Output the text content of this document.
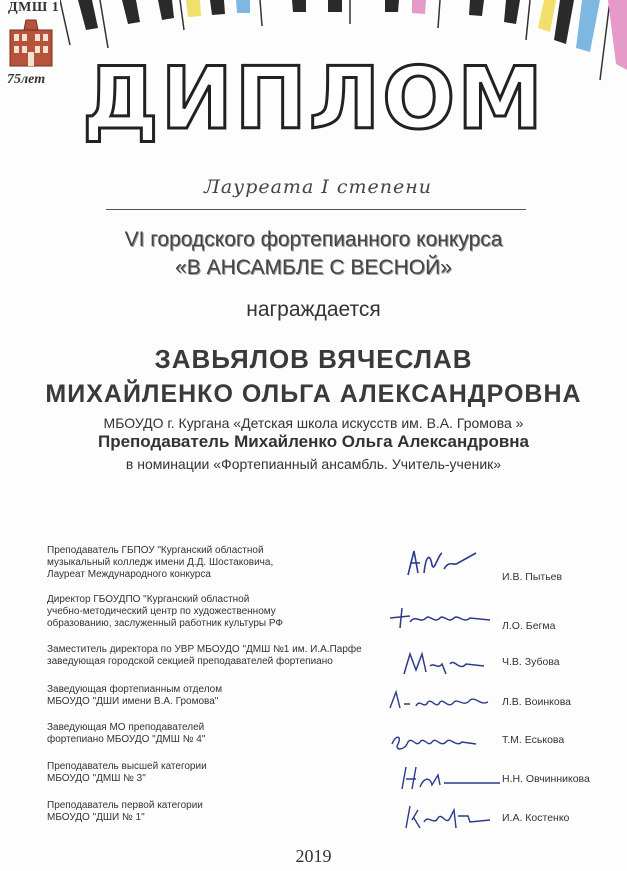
ДМШ 1
75лет ДИПЛОМ
Лауреата I степени
VI городского фортепианного конкурса
«В АНСАМБЛЕ С ВЕСНОЙ»
награждается
ЗАВЬЯЛОВ ВЯЧЕСЛАВ
МИХАЙЛЕНКО ОЛЬГА АЛЕКСАНДРОВНА
МБОУДО г. Кургана «Детская школа искусств им. В.А. Громова »
Преподаватель Михайленко Ольга Александровна
в номинации «Фортепианный ансамбль. Учитель-ученик»
Преподаватель ГБПОУ "Курганский областной
музыкальный колледж имени Д.Д. Шостаковича,
Лауреат Международного конкурса	И.В. Пытьев
Директор ГБОУДПО "Курганский областной
учебно-методический центр по художественному
образованию, заслуженный работник культуры РФ	Л.О. Бегма
Заместитель директора по УВР МБОУДО "ДМШ №1 им. И.А.Парфе
заведующая городской секцией преподавателей фортепиано	Ч.В. Зубова
Заведующая фортепианным отделом
МБОУДО "ДШИ имени В.А. Громова"	Л.В. Воинкова
Заведующая МО преподавателей
фортепиано МБОУДО "ДМШ № 4"	Т.М. Еськова
Преподаватель высшей категории
МБОУДО "ДМШ № 3"	Н.Н. Овчинникова
Преподаватель первой категории
МБОУДО "ДШИ № 1"	И.А. Костенко
2019
